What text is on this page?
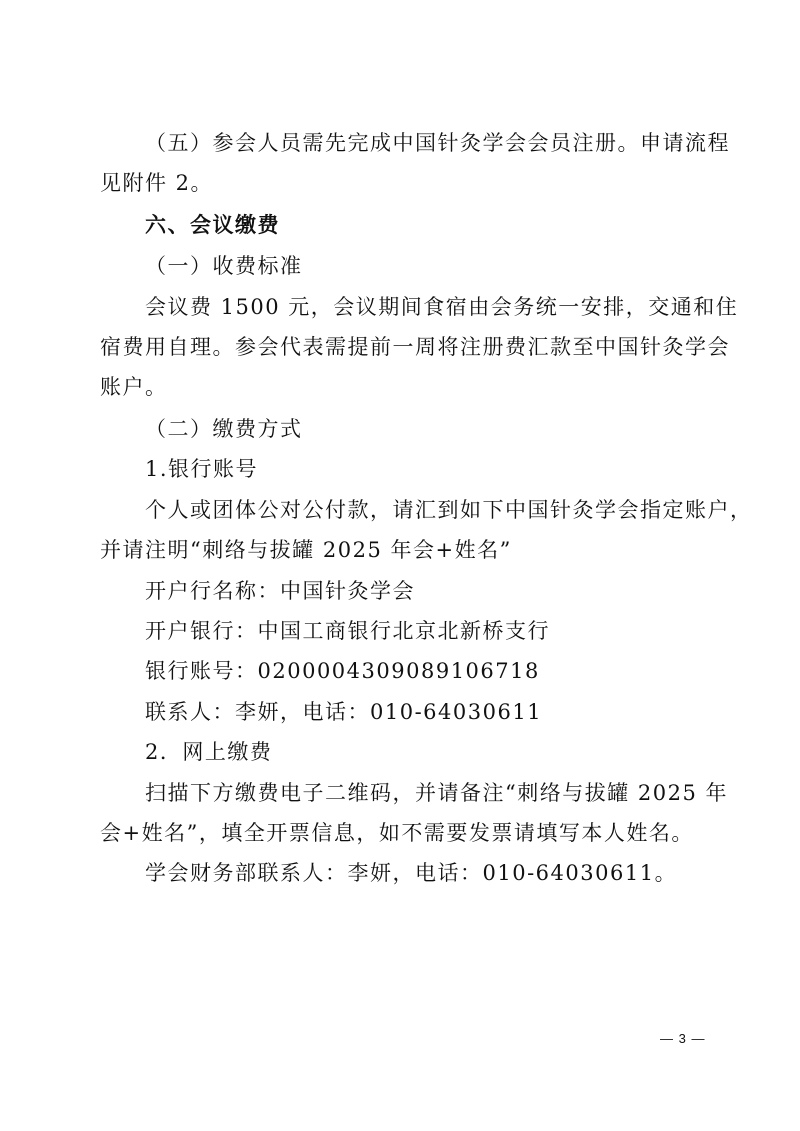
（五）参会人员需先完成中国针灸学会会员注册。申请流程
见附件 2。
六、会议缴费
（一）收费标准
会议费 1500 元，会议期间食宿由会务统一安排，交通和住
宿费用自理。参会代表需提前一周将注册费汇款至中国针灸学会
账户。
（二）缴费方式
1.银行账号
个人或团体公对公付款，请汇到如下中国针灸学会指定账户，
并请注明“刺络与拔罐 2025 年会+姓名”
开户行名称：中国针灸学会
开户银行：中国工商银行北京北新桥支行
银行账号：0200004309089106718
联系人：李妍，电话：010-64030611
2．网上缴费
扫描下方缴费电子二维码，并请备注“刺络与拔罐 2025 年
会+姓名”，填全开票信息，如不需要发票请填写本人姓名。
学会财务部联系人：李妍，电话：010-64030611。
— 3 —
